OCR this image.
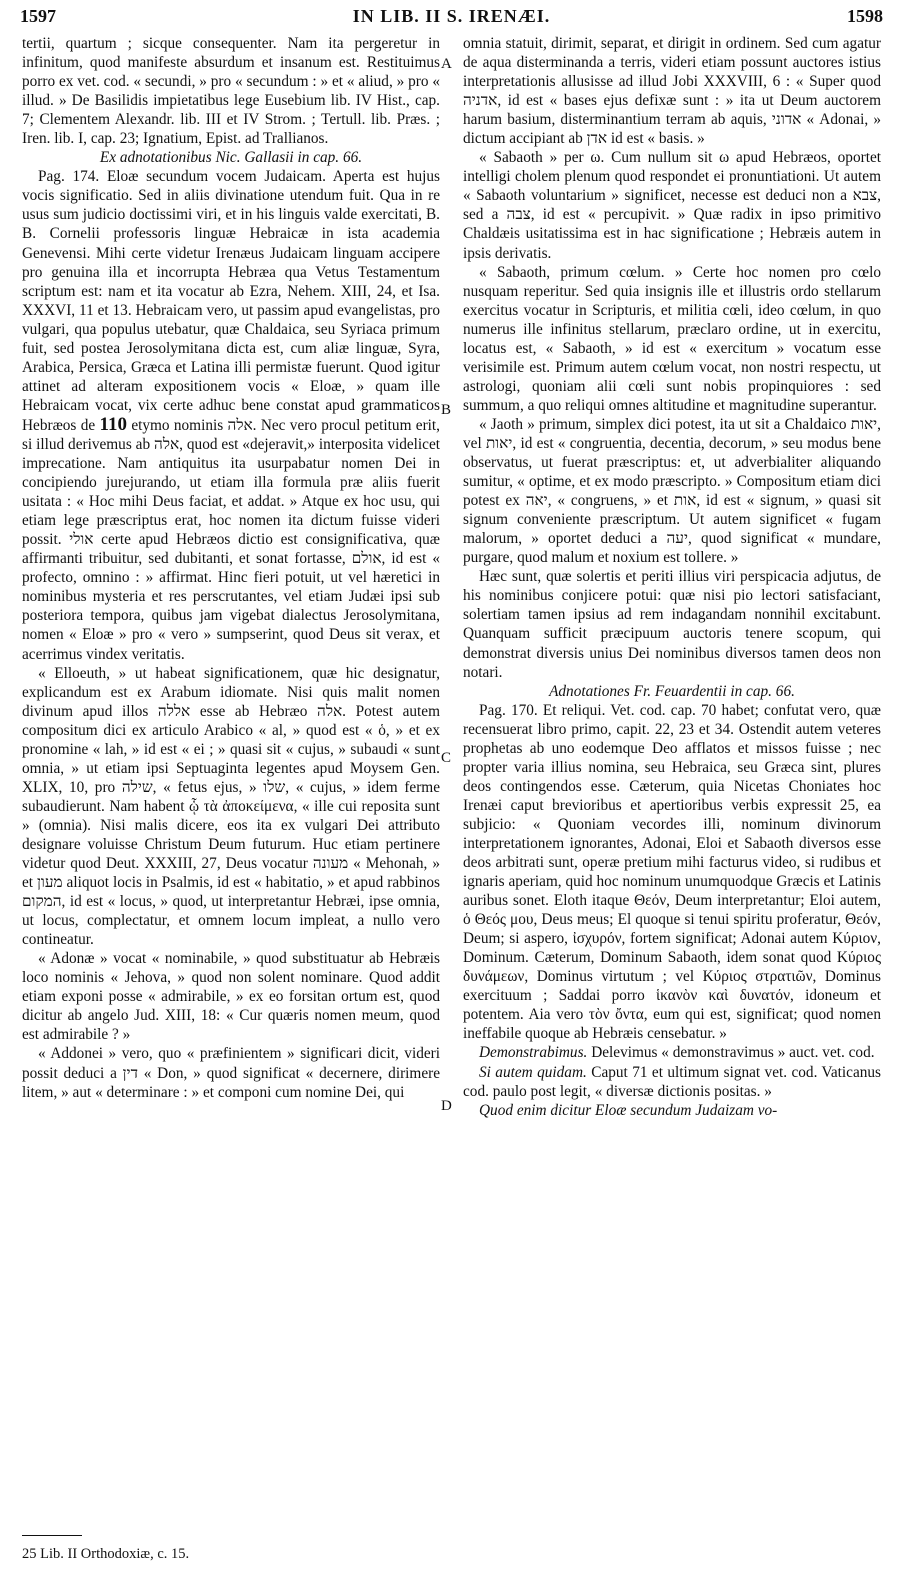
1597	IN LIB. II S. IRENÆI.	1598

tertii, quartum ; sicque consequenter. Nam ita pergeretur in infinitum, quod manifeste absurdum et insanum est. Restituimus porro ex vet. cod. « secundi, » pro « secundum : » et « aliud, » pro « illud. » De Basilidis impietatibus lege Eusebium lib. IV Hist., cap. 7; Clementem Alexandr. lib. III et IV Strom. ; Tertull. lib. Præs. ; Iren. lib. I, cap. 23; Ignatium, Epist. ad Trallianos.

Ex adnotationibus Nic. Gallasii in cap. 66.

Pag. 174. Eloæ secundum vocem Judaicam. Aperta est hujus vocis significatio. Sed in aliis divinatione utendum fuit. Qua in re usus sum judicio doctissimi viri, et in his linguis valde exercitati, B. B. Cornelii professoris linguæ Hebraicæ in ista academia Genevensi. Mihi certe videtur Irenæus Judaicam linguam accipere pro genuina illa et incorrupta Hebræa qua Vetus Testamentum scriptum est: nam et ita vocatur ab Ezra, Nehem. XIII, 24, et Isa. XXXVI, 11 et 13. Hebraicam vero, ut passim apud evangelistas, pro vulgari, qua populus utebatur, quæ Chaldaica, seu Syriaca primum fuit, sed postea Jerosolymitana dicta est, cum aliæ linguæ, Syra, Arabica, Persica, Græca et Latina illi permistæ fuerunt. Quod igitur attinet ad alteram expositionem vocis « Eloæ, » quam ille Hebraicam vocat, vix certe adhuc bene constat apud grammaticos Hebræos de 110 etymo nominis אלה. Nec vero procul petitum erit, si illud derivemus ab אלה, quod est «dejeravit,» interposita videlicet imprecatione. Nam antiquitus ita usurpabatur nomen Dei in concipiendo jurejurando, ut etiam illa formula præ aliis fuerit usitata : « Hoc mihi Deus faciat, et addat. » Atque ex hoc usu, qui etiam lege præscriptus erat, hoc nomen ita dictum fuisse videri possit. אולי certe apud Hebræos dictio est consignificativa, quæ affirmanti tribuitur, sed dubitanti, et sonat fortasse, אולם, id est « profecto, omnino : » affirmat. Hinc fieri potuit, ut vel hæretici in nominibus mysteria et res perscrutantes, vel etiam Judæi ipsi sub posteriora tempora, quibus jam vigebat dialectus Jerosolymitana, nomen « Eloæ » pro « vero » sumpserint, quod Deus sit verax, et acerrimus vindex veritatis.

« Elloeuth, » ut habeat significationem, quæ hic designatur, explicandum est ex Arabum idiomate. Nisi quis malit nomen divinum apud illos אללה esse ab Hebræo אלה. Potest autem compositum dici ex articulo Arabico « al, » quod est « ὁ, » et ex pronomine « lah, » id est « ei ; » quasi sit « cujus, » subaudi « sunt omnia, » ut etiam ipsi Septuaginta legentes apud Moysem Gen. XLIX, 10, pro שילה, « fetus ejus, » שלו, « cujus, » idem ferme subaudierunt. Nam habent ᾧ τὰ ἀποκείμενα, « ille cui reposita sunt » (omnia). Nisi malis dicere, eos ita ex vulgari Dei attributo designare voluisse Christum Deum futurum. Huc etiam pertinere videtur quod Deut. XXXIII, 27, Deus vocatur מעונה « Mehonah, » et מעון aliquot locis in Psalmis, id est « habitatio, » et apud rabbinos המקום, id est « locus, » quod, ut interpretantur Hebræi, ipse omnia, ut locus, complectatur, et omnem locum impleat, a nullo vero contineatur.

« Adonæ » vocat « nominabile, » quod substituatur ab Hebræis loco nominis « Jehova, » quod non solent nominare. Quod addit etiam exponi posse « admirabile, » ex eo forsitan ortum est, quod dicitur ab angelo Jud. XIII, 18: « Cur quæris nomen meum, quod est admirabile ? »

« Addonei » vero, quo « præfinientem » significari dicit, videri possit deduci a דין « Don, » quod significat « decernere, dirimere litem, » aut « determinare : » et componi cum nomine Dei, qui

A
B
C
D

omnia statuit, dirimit, separat, et dirigit in ordinem. Sed cum agatur de aqua disterminanda a terris, videri etiam possunt auctores istius interpretationis allusisse ad illud Jobi XXXVIII, 6 : « Super quod אדניה, id est « bases ejus defixæ sunt : » ita ut Deum auctorem harum basium, disterminantium terram ab aquis, אדוני « Adonai, » dictum accipiant ab אדן id est « basis. »

« Sabaoth » per ω. Cum nullum sit ω apud Hebræos, oportet intelligi cholem plenum quod respondet ei pronuntiationi. Ut autem « Sabaoth voluntarium » significet, necesse est deduci non a צבא, sed a צבה, id est « percupivit. » Quæ radix in ipso primitivo Chaldæis usitatissima est in hac significatione ; Hebræis autem in ipsis derivatis.

« Sabaoth, primum cœlum. » Certe hoc nomen pro cœlo nusquam reperitur. Sed quia insignis ille et illustris ordo stellarum exercitus vocatur in Scripturis, et militia cœli, ideo cœlum, in quo numerus ille infinitus stellarum, præclaro ordine, ut in exercitu, locatus est, « Sabaoth, » id est « exercitum » vocatum esse verisimile est. Primum autem cœlum vocat, non nostri respectu, ut astrologi, quoniam alii cœli sunt nobis propinquiores : sed summum, a quo reliqui omnes altitudine et magnitudine superantur.

« Jaoth » primum, simplex dici potest, ita ut sit a Chaldaico יאות, vel יאות, id est « congruentia, decentia, decorum, » seu modus bene observatus, ut fuerat præscriptus: et, ut adverbialiter aliquando sumitur, « optime, et ex modo præscripto. » Compositum etiam dici potest ex יאה, « congruens, » et אות, id est « signum, » quasi sit signum conveniente præscriptum. Ut autem significet « fugam malorum, » oportet deduci a יעה, quod significat « mundare, purgare, quod malum et noxium est tollere. »

Hæc sunt, quæ solertis et periti illius viri perspicacia adjutus, de his nominibus conjicere potui: quæ nisi pio lectori satisfaciant, solertiam tamen ipsius ad rem indagandam nonnihil excitabunt. Quanquam sufficit præcipuum auctoris tenere scopum, qui demonstrat diversis unius Dei nominibus diversos tamen deos non notari.

Adnotationes Fr. Feuardentii in cap. 66.

Pag. 170. Et reliqui. Vet. cod. cap. 70 habet; confutat vero, quæ recensuerat libro primo, capit. 22, 23 et 34. Ostendit autem veteres prophetas ab uno eodemque Deo afflatos et missos fuisse ; nec propter varia illius nomina, seu Hebraica, seu Græca sint, plures deos contingendos esse. Cæterum, quia Nicetas Choniates hoc Irenæi caput brevioribus et apertioribus verbis expressit 25, ea subjicio: « Quoniam vecordes illi, nominum divinorum interpretationem ignorantes, Adonai, Eloi et Sabaoth diversos esse deos arbitrati sunt, operæ pretium mihi facturus video, si rudibus et ignaris aperiam, quid hoc nominum unumquodque Græcis et Latinis auribus sonet. Eloth itaque Θεόν, Deum interpretantur; Eloi autem, ὁ Θεός μου, Deus meus; El quoque si tenui spiritu proferatur, Θεόν, Deum; si aspero, ἰσχυρόν, fortem significat; Adonai autem Κύριον, Dominum. Cæterum, Dominum Sabaoth, idem sonat quod Κύριος δυνάμεων, Dominus virtutum ; vel Κύριος στρατιῶν, Dominus exercituum ; Saddai porro ἱκανὸν καὶ δυνατόν, idoneum et potentem. Aia vero τὸν ὄντα, eum qui est, significat; quod nomen ineffabile quoque ab Hebræis censebatur. »

Demonstrabimus. Delevimus « demonstravimus » auct. vet. cod.

Si autem quidam. Caput 71 et ultimum signat vet. cod. Vaticanus cod. paulo post legit, « diversæ dictionis positas. »

Quod enim dicitur Eloæ secundum Judaizam vo-

25 Lib. II Orthodoxiæ, c. 15.
